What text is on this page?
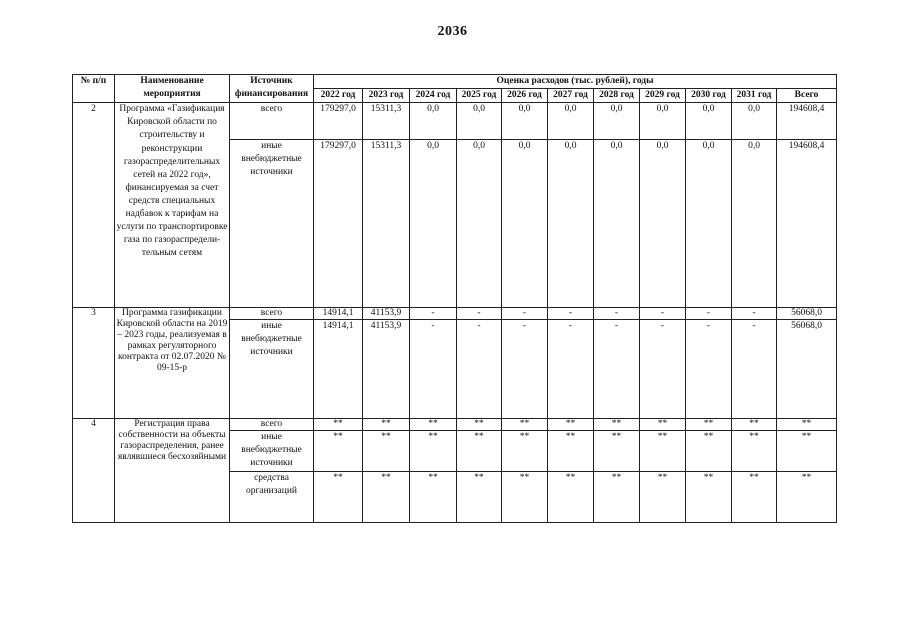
2036
№ п/п	Наименование мероприятия	Источник финансирования	Оценка расходов (тыс. рублей), годы										
			2022 год	2023 год	2024 год	2025 год	2026 год	2027 год	2028 год	2029 год	2030 год	2031 год	Всего
2	Программа «Газификация Кировской области по строительству и реконструкции газораспределительных сетей на 2022 год», финансируемая за счет средств специальных надбавок к тарифам на услуги по транспортировке газа по газораспредели-тельным сетям	всего	179297,0	15311,3	0,0	0,0	0,0	0,0	0,0	0,0	0,0	0,0	194608,4
		иные внебюджетные источники	179297,0	15311,3	0,0	0,0	0,0	0,0	0,0	0,0	0,0	0,0	194608,4
3	Программа газификации Кировской области на 2019 – 2023 годы, реализуемая в рамках регуляторного контракта от 02.07.2020 № 09-15-р	всего	14914,1	41153,9	-	-	-	-	-	-	-	-	56068,0
		иные внебюджетные источники	14914,1	41153,9	-	-	-	-	-	-	-	-	56068,0
4	Регистрация права собственности на объекты газораспределения, ранее являвшиеся бесхозяйными	всего	**	**	**	**	**	**	**	**	**	**	**
		иные внебюджетные источники	**	**	**	**	**	**	**	**	**	**	**
		средства организаций	**	**	**	**	**	**	**	**	**	**	**
